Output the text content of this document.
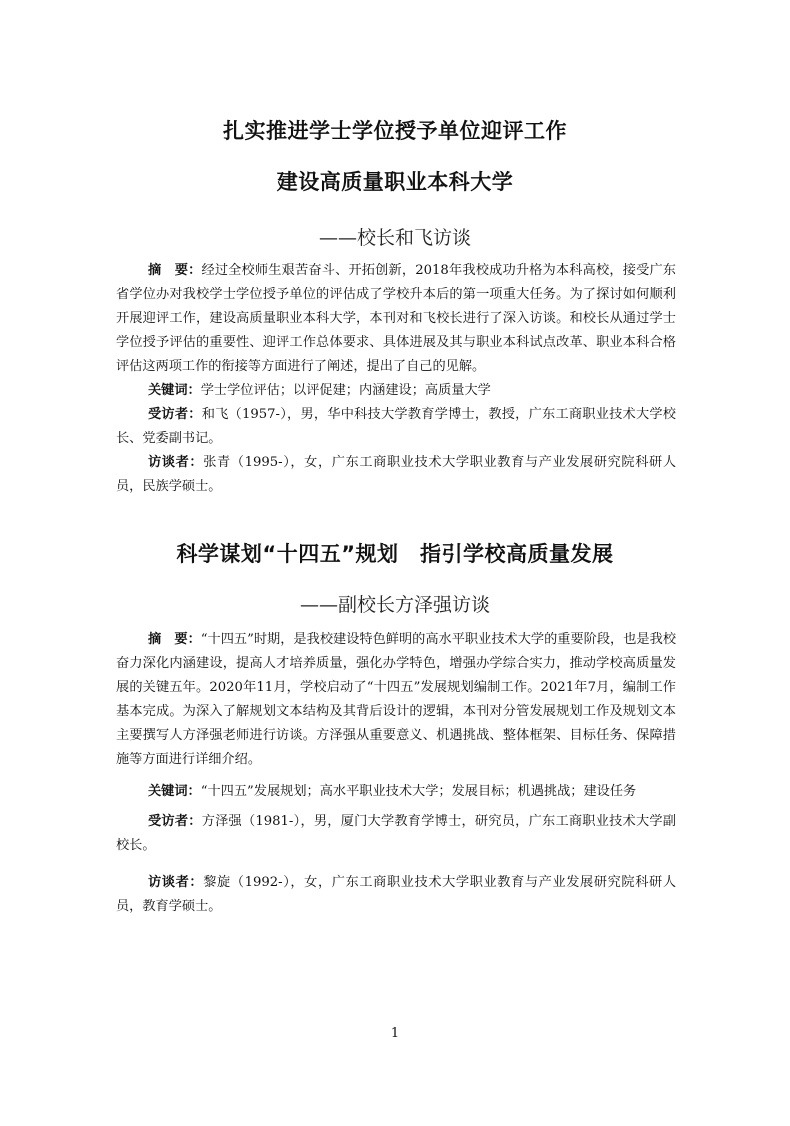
扎实推进学士学位授予单位迎评工作
建设高质量职业本科大学
——校长和飞访谈

摘　要：经过全校师生艰苦奋斗、开拓创新，2018年我校成功升格为本科高校，接受广东省学位办对我校学士学位授予单位的评估成了学校升本后的第一项重大任务。为了探讨如何顺利开展迎评工作，建设高质量职业本科大学，本刊对和飞校长进行了深入访谈。和校长从通过学士学位授予评估的重要性、迎评工作总体要求、具体进展及其与职业本科试点改革、职业本科合格评估这两项工作的衔接等方面进行了阐述，提出了自己的见解。

关键词：学士学位评估；以评促建；内涵建设；高质量大学

受访者：和飞（1957-），男，华中科技大学教育学博士，教授，广东工商职业技术大学校长、党委副书记。

访谈者：张青（1995-），女，广东工商职业技术大学职业教育与产业发展研究院科研人员，民族学硕士。

科学谋划“十四五”规划　指引学校高质量发展
——副校长方泽强访谈

摘　要：“十四五”时期，是我校建设特色鲜明的高水平职业技术大学的重要阶段，也是我校奋力深化内涵建设，提高人才培养质量，强化办学特色，增强办学综合实力，推动学校高质量发展的关键五年。2020年11月，学校启动了“十四五”发展规划编制工作。2021年7月，编制工作基本完成。为深入了解规划文本结构及其背后设计的逻辑，本刊对分管发展规划工作及规划文本主要撰写人方泽强老师进行访谈。方泽强从重要意义、机遇挑战、整体框架、目标任务、保障措施等方面进行详细介绍。

关键词：“十四五”发展规划；高水平职业技术大学；发展目标；机遇挑战；建设任务

受访者：方泽强（1981-），男，厦门大学教育学博士，研究员，广东工商职业技术大学副校长。

访谈者：黎旋（1992-），女，广东工商职业技术大学职业教育与产业发展研究院科研人员，教育学硕士。

1
